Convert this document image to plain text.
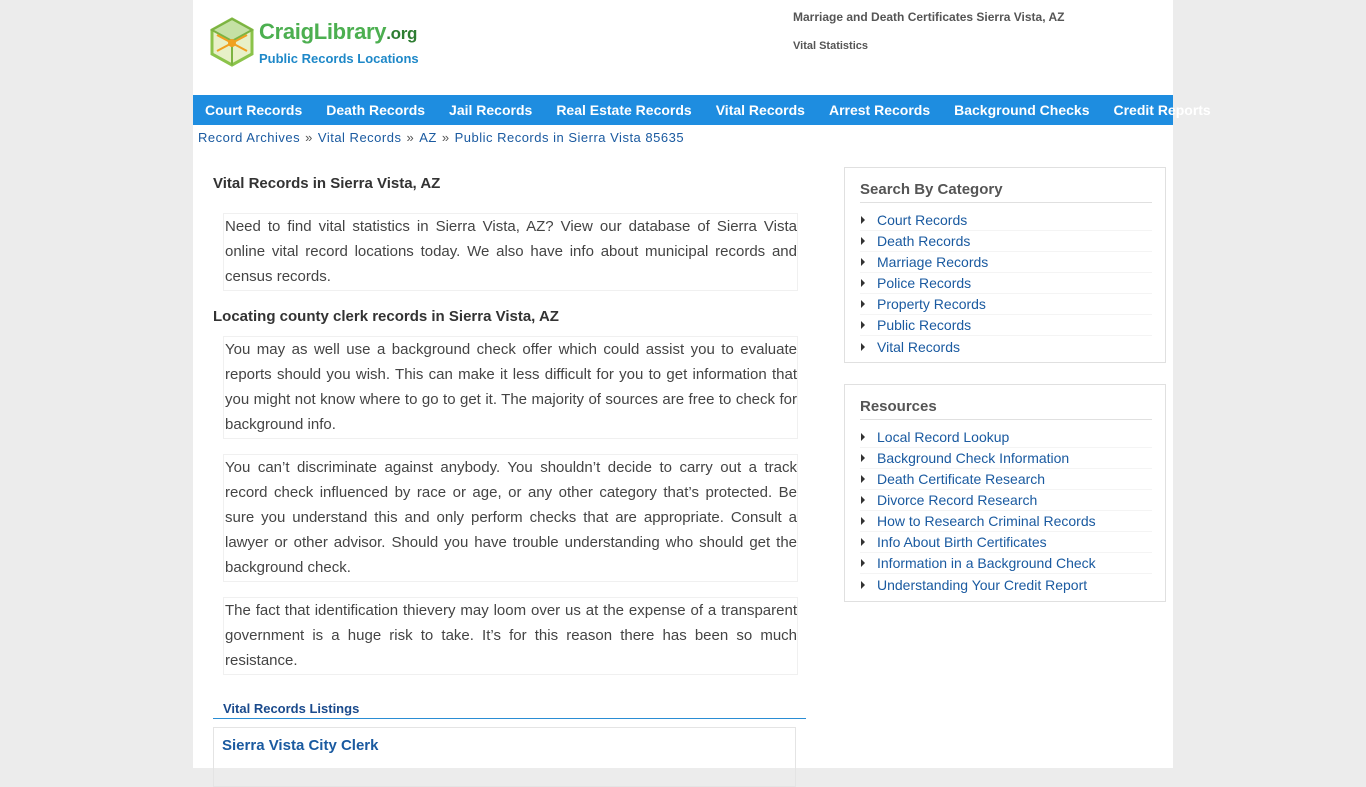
CraigLibrary.org
Public Records Locations
Marriage and Death Certificates Sierra Vista, AZ
Vital Statistics
Court Records Death Records Jail Records Real Estate Records Vital Records Arrest Records Background Checks Credit Reports
Record Archives » Vital Records » AZ » Public Records in Sierra Vista 85635
Vital Records in Sierra Vista, AZ
Need to find vital statistics in Sierra Vista, AZ? View our database of Sierra Vista online vital record locations today. We also have info about municipal records and census records.
Locating county clerk records in Sierra Vista, AZ
You may as well use a background check offer which could assist you to evaluate reports should you wish. This can make it less difficult for you to get information that you might not know where to go to get it. The majority of sources are free to check for background info.
You can’t discriminate against anybody. You shouldn’t decide to carry out a track record check influenced by race or age, or any other category that’s protected. Be sure you understand this and only perform checks that are appropriate. Consult a lawyer or other advisor. Should you have trouble understanding who should get the background check.
The fact that identification thievery may loom over us at the expense of a transparent government is a huge risk to take. It’s for this reason there has been so much resistance.
Vital Records Listings
Sierra Vista City Clerk
Search By Category
Court Records
Death Records
Marriage Records
Police Records
Property Records
Public Records
Vital Records
Resources
Local Record Lookup
Background Check Information
Death Certificate Research
Divorce Record Research
How to Research Criminal Records
Info About Birth Certificates
Information in a Background Check
Understanding Your Credit Report
